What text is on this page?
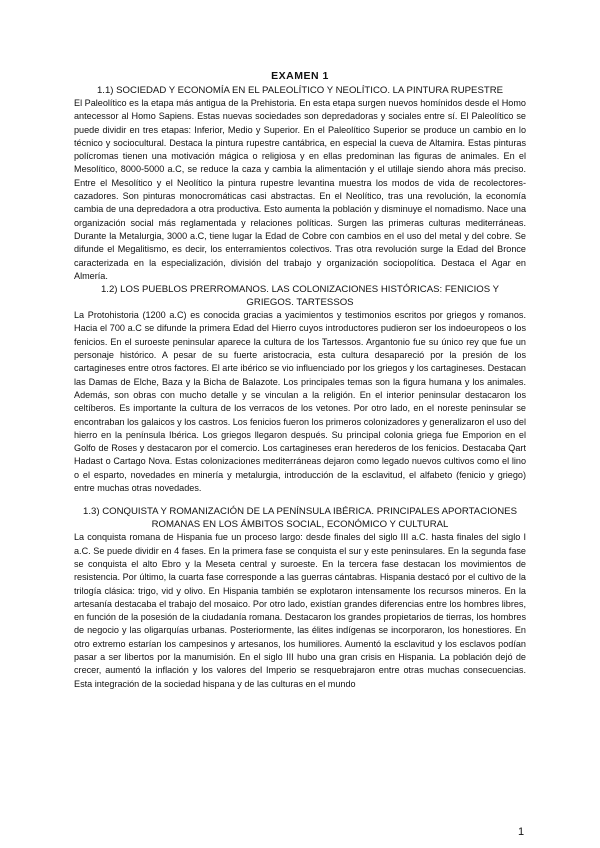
EXAMEN 1
1.1) SOCIEDAD Y ECONOMÍA EN EL PALEOLÍTICO Y NEOLÍTICO. LA PINTURA RUPESTRE

El Paleolítico es la etapa más antigua de la Prehistoria. En esta etapa surgen nuevos homínidos desde el Homo antecessor al Homo Sapiens. Estas nuevas sociedades son depredadoras y sociales entre sí. El Paleolítico se puede dividir en tres etapas: Inferior, Medio y Superior. En el Paleolítico Superior se produce un cambio en lo técnico y sociocultural. Destaca la pintura rupestre cantábrica, en especial la cueva de Altamira. Estas pinturas polícromas tienen una motivación mágica o religiosa y en ellas predominan las figuras de animales. En el Mesolítico, 8000-5000 a.C, se reduce la caza y cambia la alimentación y el utillaje siendo ahora más preciso. Entre el Mesolítico y el Neolítico la pintura rupestre levantina muestra los modos de vida de recolectores-cazadores. Son pinturas monocromáticas casi abstractas. En el Neolítico, tras una revolución, la economía cambia de una depredadora a otra productiva. Esto aumenta la población y disminuye el nomadismo. Nace una organización social más reglamentada y relaciones políticas. Surgen las primeras culturas mediterráneas. Durante la Metalurgia, 3000 a.C, tiene lugar la Edad de Cobre con cambios en el uso del metal y del cobre. Se difunde el Megalitismo, es decir, los enterramientos colectivos. Tras otra revolución surge la Edad del Bronce caracterizada en la especialización, división del trabajo y organización sociopolítica. Destaca el Agar en Almería.

1.2) LOS PUEBLOS PRERROMANOS. LAS COLONIZACIONES HISTÓRICAS: FENICIOS Y GRIEGOS. TARTESSOS

La Protohistoria (1200 a.C) es conocida gracias a yacimientos y testimonios escritos por griegos y romanos. Hacia el 700 a.C se difunde la primera Edad del Hierro cuyos introductores pudieron ser los indoeuropeos o los fenicios. En el suroeste peninsular aparece la cultura de los Tartessos. Argantonio fue su único rey que fue un personaje histórico. A pesar de su fuerte aristocracia, esta cultura desapareció por la presión de los cartagineses entre otros factores. El arte ibérico se vio influenciado por los griegos y los cartagineses. Destacan las Damas de Elche, Baza y la Bicha de Balazote. Los principales temas son la figura humana y los animales. Además, son obras con mucho detalle y se vinculan a la religión. En el interior peninsular destacaron los celtíberos. Es importante la cultura de los verracos de los vetones. Por otro lado, en el noreste peninsular se encontraban los galaicos y los castros. Los fenicios fueron los primeros colonizadores y generalizaron el uso del hierro en la península Ibérica. Los griegos llegaron después. Su principal colonia griega fue Emporion en el Golfo de Roses y destacaron por el comercio. Los cartagineses eran herederos de los fenicios. Destacaba Qart Hadast o Cartago Nova. Estas colonizaciones mediterráneas dejaron como legado nuevos cultivos como el lino o el esparto, novedades en minería y metalurgia, introducción de la esclavitud, el alfabeto (fenicio y griego) entre muchas otras novedades.

1.3) CONQUISTA Y ROMANIZACIÓN DE LA PENÍNSULA IBÉRICA. PRINCIPALES APORTACIONES ROMANAS EN LOS ÁMBITOS SOCIAL, ECONÓMICO Y CULTURAL

La conquista romana de Hispania fue un proceso largo: desde finales del siglo III a.C. hasta finales del siglo I a.C. Se puede dividir en 4 fases. En la primera fase se conquista el sur y este peninsulares. En la segunda fase se conquista el alto Ebro y la Meseta central y suroeste. En la tercera fase destacan los movimientos de resistencia. Por último, la cuarta fase corresponde a las guerras cántabras. Hispania destacó por el cultivo de la trilogía clásica: trigo, vid y olivo. En Hispania también se explotaron intensamente los recursos mineros. En la artesanía destacaba el trabajo del mosaico. Por otro lado, existían grandes diferencias entre los hombres libres, en función de la posesión de la ciudadanía romana. Destacaron los grandes propietarios de tierras, los hombres de negocio y las oligarquías urbanas. Posteriormente, las élites indígenas se incorporaron, los honestiores. En otro extremo estarían los campesinos y artesanos, los humiliores. Aumentó la esclavitud y los esclavos podían pasar a ser libertos por la manumisión. En el siglo III hubo una gran crisis en Hispania. La población dejó de crecer, aumentó la inflación y los valores del Imperio se resquebrajaron entre otras muchas consecuencias. Esta integración de la sociedad hispana y de las culturas en el mundo

1
